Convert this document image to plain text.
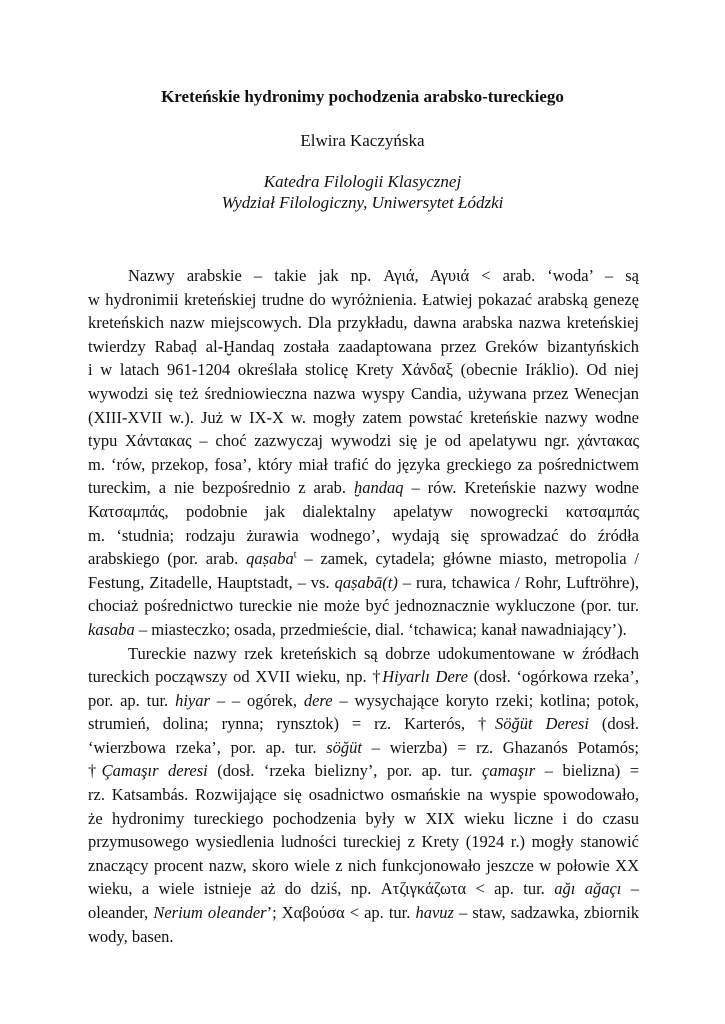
Kreteńskie hydronimy pochodzenia arabsko-tureckiego
Elwira Kaczyńska
Katedra Filologii Klasycznej
Wydział Filologiczny, Uniwersytet Łódzki
Nazwy arabskie – takie jak np. Αγιά, Αγυιά < arab. ‘woda’ – są
w hydronimii kreteńskiej trudne do wyróżnienia. Łatwiej pokazać arabską genezę
kreteńskich nazw miejscowych. Dla przykładu, dawna arabska nazwa kreteńskiej
twierdzy Rabaḍ al-Ḫandaq została zaadaptowana przez Greków bizantyńskich
i w latach 961-1204 określała stolicę Krety Χάνδαξ (obecnie Iráklio). Od niej
wywodzi się też średniowieczna nazwa wyspy Candia, używana przez Wenecjan
(XIII-XVII w.). Już w IX-X w. mogły zatem powstać kreteńskie nazwy wodne
typu Χάντακας – choć zazwyczaj wywodzi się je od apelatywu ngr. χάντακας
m. ‘rów, przekop, fosa’, który miał trafić do języka greckiego za pośrednictwem
tureckim, a nie bezpośrednio z arab. ḫandaq – rów. Kreteńskie nazwy wodne
Κατσαμπάς, podobnie jak dialektalny apelatyw nowogrecki κατσαμπάς
m. ‘studnia; rodzaju żurawia wodnego’, wydają się sprowadzać do źródła
arabskiego (por. arab. qaṣaba$^t$ – zamek, cytadela; główne miasto, metropolia /
Festung, Zitadelle, Hauptstadt, – vs. qaṣabā(t) – rura, tchawica / Rohr, Luftröhre),
chociaż pośrednictwo tureckie nie może być jednoznacznie wykluczone (por. tur.
kasaba – miasteczko; osada, przedmieście, dial. ‘tchawica; kanał nawadniający’).
Tureckie nazwy rzek kreteńskich są dobrze udokumentowane w źródłach
tureckich począwszy od XVII wieku, np. †Hiyarlı Dere (dosł. ‘ogórkowa rzeka’,
por. ap. tur. hiyar – – ogórek, dere – wysychające koryto rzeki; kotlina; potok,
strumień, dolina; rynna; rynsztok) = rz. Karterós, †Söğüt Deresi (dosł.
‘wierzbowa rzeka’, por. ap. tur. söğüt – wierzba) = rz. Ghazanós Potamós;
†Çamaşır deresi (dosł. ‘rzeka bielizny’, por. ap. tur. çamaşır – bielizna) =
rz. Katsambás. Rozwijające się osadnictwo osmańskie na wyspie spowodowało,
że hydronimy tureckiego pochodzenia były w XIX wieku liczne i do czasu
przymusowego wysiedlenia ludności tureckiej z Krety (1924 r.) mogły stanowić
znaczący procent nazw, skoro wiele z nich funkcjonowało jeszcze w połowie XX
wieku, a wiele istnieje aż do dziś, np. Ατζιγκάζωτα < ap. tur. ağı ağaçı –
oleander, Nerium oleander’; Χαβούσα < ap. tur. havuz – staw, sadzawka, zbiornik
wody, basen.
